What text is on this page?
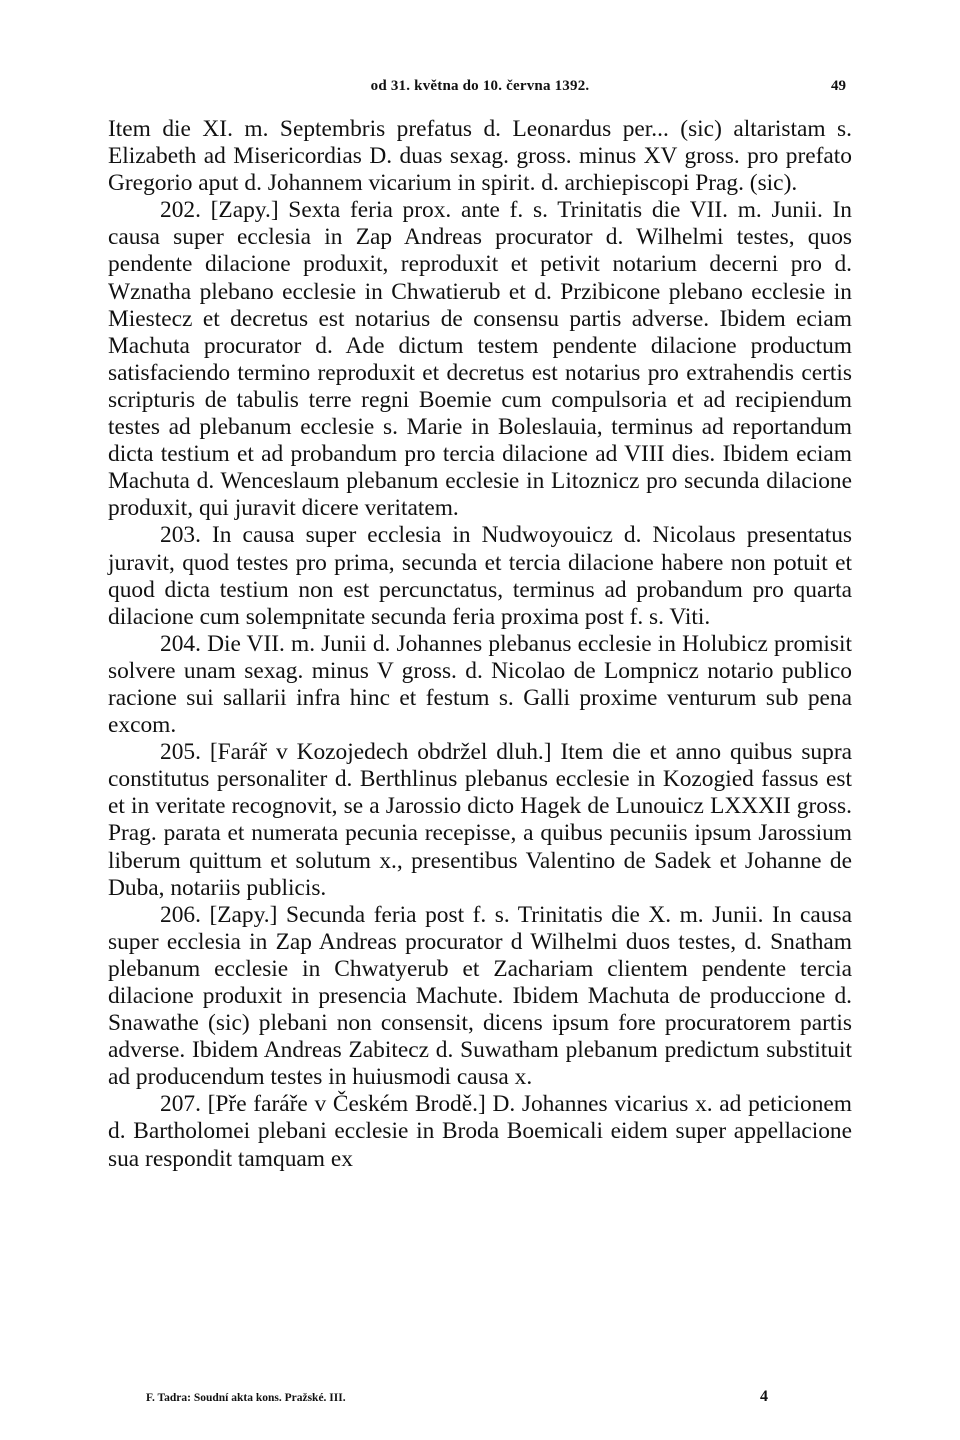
od 31. května do 10. června 1392.	49

Item die XI. m. Septembris prefatus d. Leonardus per... (sic) altaristam s. Elizabeth ad Misericordias D. duas sexag. gross. minus XV gross. pro prefato Gregorio aput d. Johannem vicarium in spirit. d. archiepiscopi Prag. (sic).

202. [Zapy.] Sexta feria prox. ante f. s. Trinitatis die VII. m. Junii. In causa super ecclesia in Zap Andreas procurator d. Wilhelmi testes, quos pendente dilacione produxit, reproduxit et petivit notarium decerni pro d. Wznatha plebano ecclesie in Chwatierub et d. Przibicone plebano ecclesie in Miestecz et decretus est notarius de consensu partis adverse. Ibidem eciam Machuta procurator d. Ade dictum testem pendente dilacione productum satisfaciendo termino reproduxit et decretus est notarius pro extrahendis certis scripturis de tabulis terre regni Boemie cum compulsoria et ad recipiendum testes ad plebanum ecclesie s. Marie in Boleslauia, terminus ad reportandum dicta testium et ad probandum pro tercia dilacione ad VIII dies. Ibidem eciam Machuta d. Wenceslaum plebanum ecclesie in Litoznicz pro secunda dilacione produxit, qui juravit dicere veritatem.

203. In causa super ecclesia in Nudwoyouicz d. Nicolaus presentatus juravit, quod testes pro prima, secunda et tercia dilacione habere non potuit et quod dicta testium non est percunctatus, terminus ad probandum pro quarta dilacione cum solempnitate secunda feria proxima post f. s. Viti.

204. Die VII. m. Junii d. Johannes plebanus ecclesie in Holubicz promisit solvere unam sexag. minus V gross. d. Nicolao de Lompnicz notario publico racione sui sallarii infra hinc et festum s. Galli proxime venturum sub pena excom.

205. [Farář v Kozojedech obdržel dluh.] Item die et anno quibus supra constitutus personaliter d. Berthlinus plebanus ecclesie in Kozogied fassus est et in veritate recognovit, se a Jarossio dicto Hagek de Lunouicz LXXXII gross. Prag. parata et numerata pecunia recepisse, a quibus pecuniis ipsum Jarossium liberum quittum et solutum x., presentibus Valentino de Sadek et Johanne de Duba, notariis publicis.

206. [Zapy.] Secunda feria post f. s. Trinitatis die X. m. Junii. In causa super ecclesia in Zap Andreas procurator d Wilhelmi duos testes, d. Snatham plebanum ecclesie in Chwatyerub et Zachariam clientem pendente tercia dilacione produxit in presencia Machute. Ibidem Machuta de produccione d. Snawathe (sic) plebani non consensit, dicens ipsum fore procuratorem partis adverse. Ibidem Andreas Zabitecz d. Suwatham plebanum predictum substituit ad producendum testes in huiusmodi causa x.

207. [Pře faráře v Českém Brodě.] D. Johannes vicarius x. ad peticionem d. Bartholomei plebani ecclesie in Broda Boemicali eidem super appellacione sua respondit tamquam ex

F. Tadra: Soudní akta kons. Pražské. III.	4
